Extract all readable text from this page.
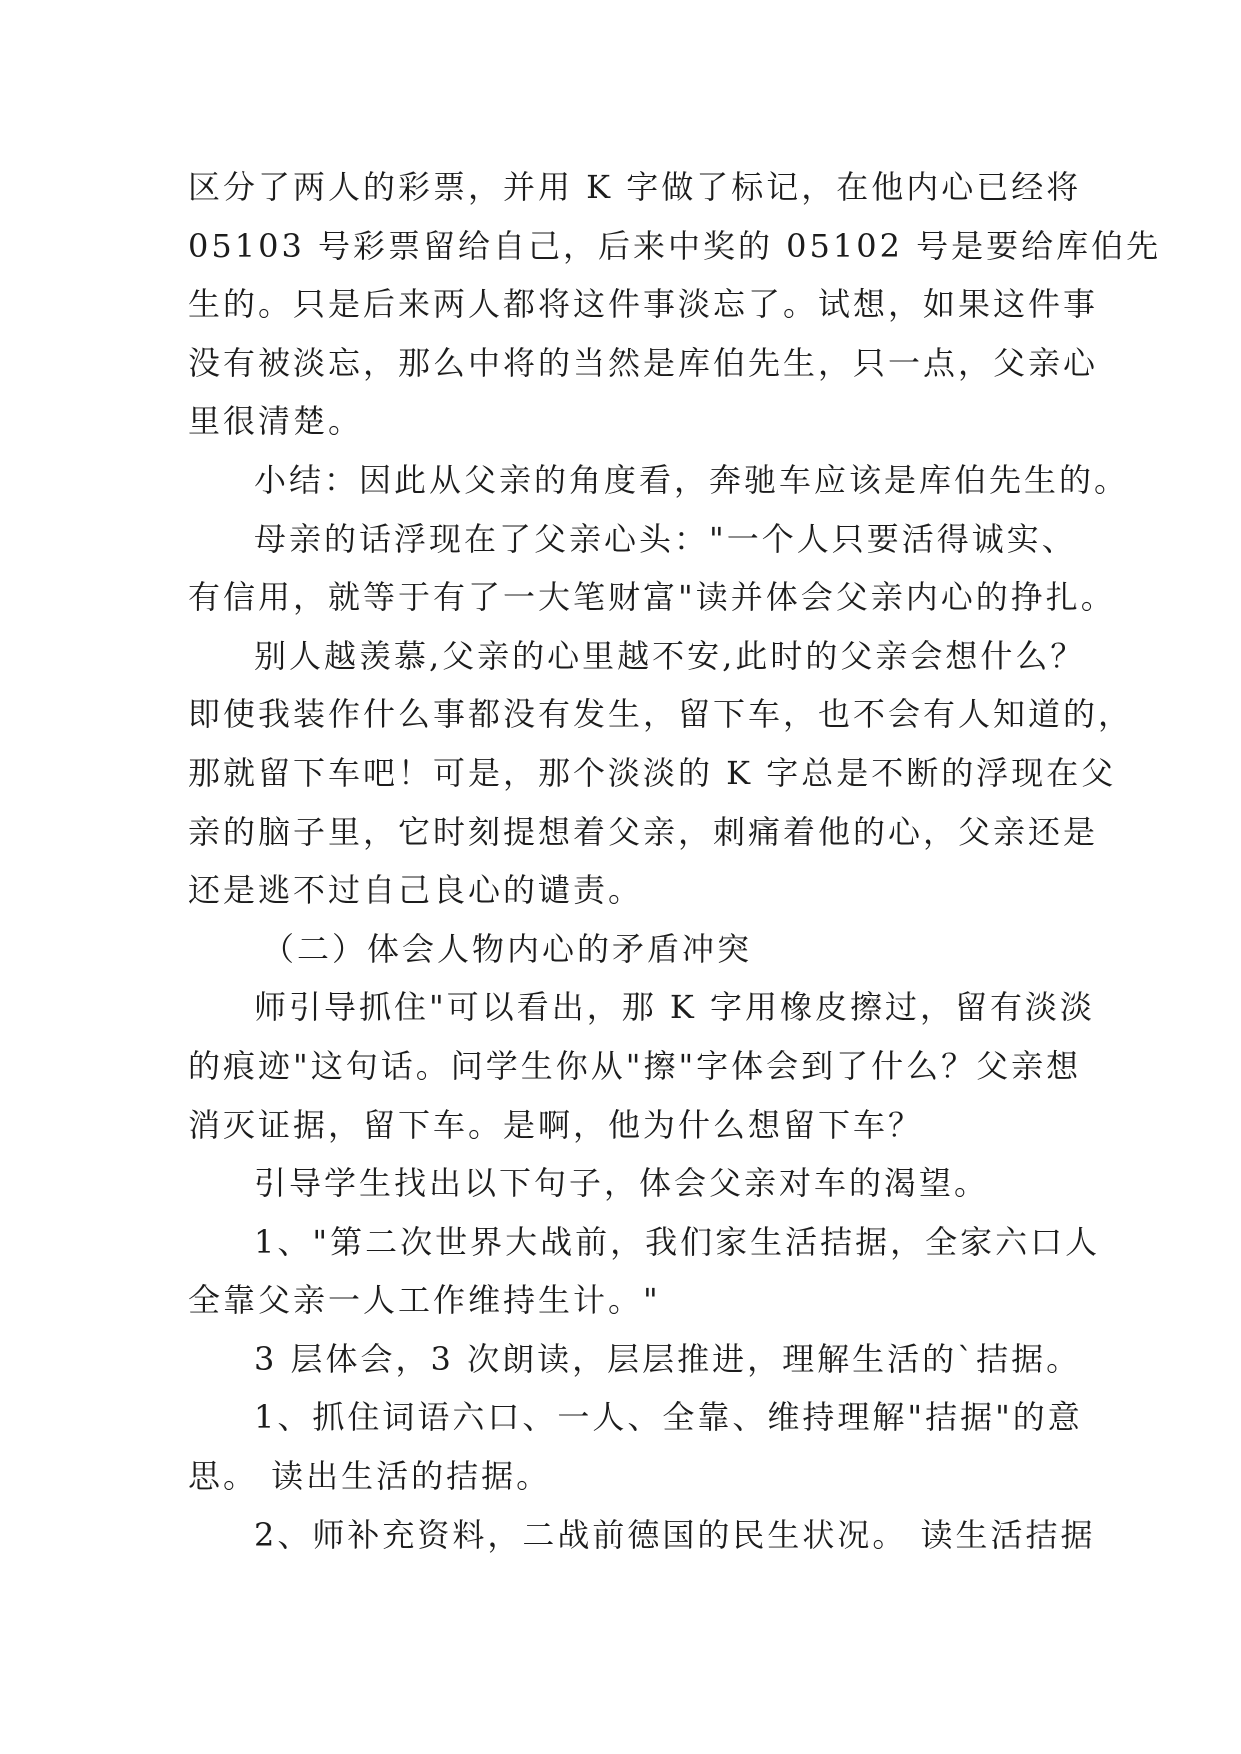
区分了两人的彩票，并用 K 字做了标记，在他内心已经将
05103 号彩票留给自己，后来中奖的 05102 号是要给库伯先
生的。只是后来两人都将这件事淡忘了。试想，如果这件事
没有被淡忘，那么中将的当然是库伯先生，只一点，父亲心
里很清楚。
小结：因此从父亲的角度看，奔驰车应该是库伯先生的。
母亲的话浮现在了父亲心头："一个人只要活得诚实、
有信用，就等于有了一大笔财富"读并体会父亲内心的挣扎。
别人越羡慕,父亲的心里越不安,此时的父亲会想什么？
即使我装作什么事都没有发生，留下车，也不会有人知道的，
那就留下车吧！可是，那个淡淡的 K 字总是不断的浮现在父
亲的脑子里，它时刻提想着父亲，刺痛着他的心，父亲还是
还是逃不过自己良心的谴责。
（二）体会人物内心的矛盾冲突
师引导抓住"可以看出，那 K 字用橡皮擦过，留有淡淡
的痕迹"这句话。问学生你从"擦"字体会到了什么？父亲想
消灭证据，留下车。是啊，他为什么想留下车？
引导学生找出以下句子，体会父亲对车的渴望。
1、"第二次世界大战前，我们家生活拮据，全家六口人
全靠父亲一人工作维持生计。"
3 层体会，3 次朗读，层层推进，理解生活的`拮据。
1、抓住词语六口、一人、全靠、维持理解"拮据"的意
思。 读出生活的拮据。
2、师补充资料，二战前德国的民生状况。 读生活拮据
